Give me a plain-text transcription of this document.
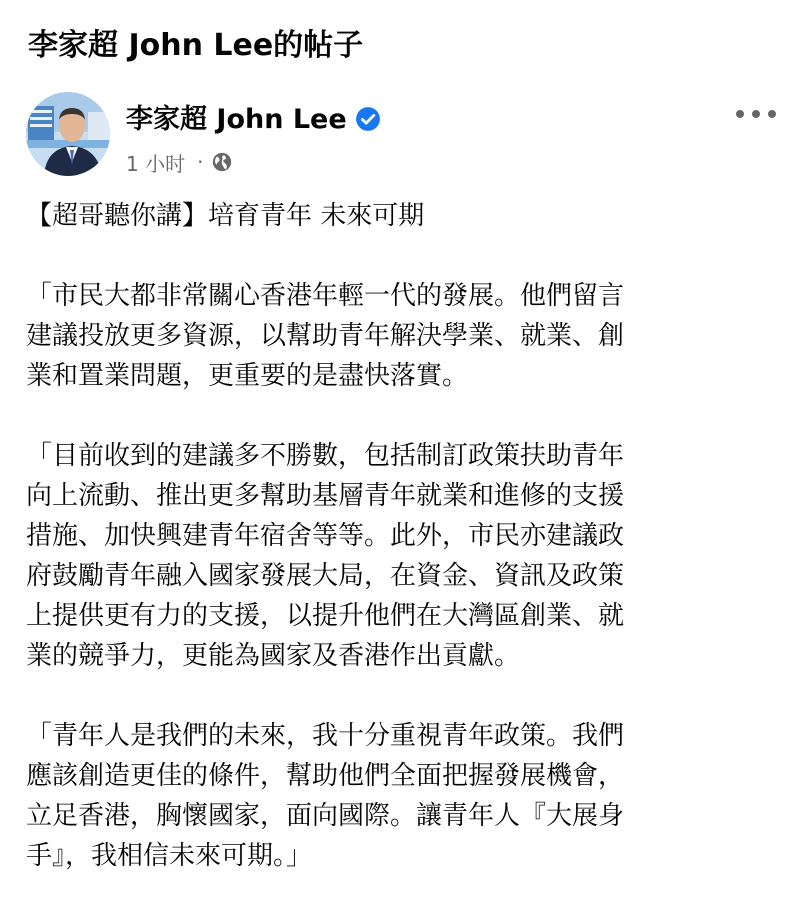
李家超 John Lee的帖子
李家超 John Lee
1 小时 ·

【超哥聽你講】培育青年 未來可期

「市民大都非常關心香港年輕一代的發展。他們留言
建議投放更多資源，以幫助青年解決學業、就業、創
業和置業問題，更重要的是盡快落實。

「目前收到的建議多不勝數，包括制訂政策扶助青年
向上流動、推出更多幫助基層青年就業和進修的支援
措施、加快興建青年宿舍等等。此外，市民亦建議政
府鼓勵青年融入國家發展大局，在資金、資訊及政策
上提供更有力的支援，以提升他們在大灣區創業、就
業的競爭力，更能為國家及香港作出貢獻。

「青年人是我們的未來，我十分重視青年政策。我們
應該創造更佳的條件，幫助他們全面把握發展機會，
立足香港，胸懷國家，面向國際。讓青年人『大展身
手』，我相信未來可期。」
